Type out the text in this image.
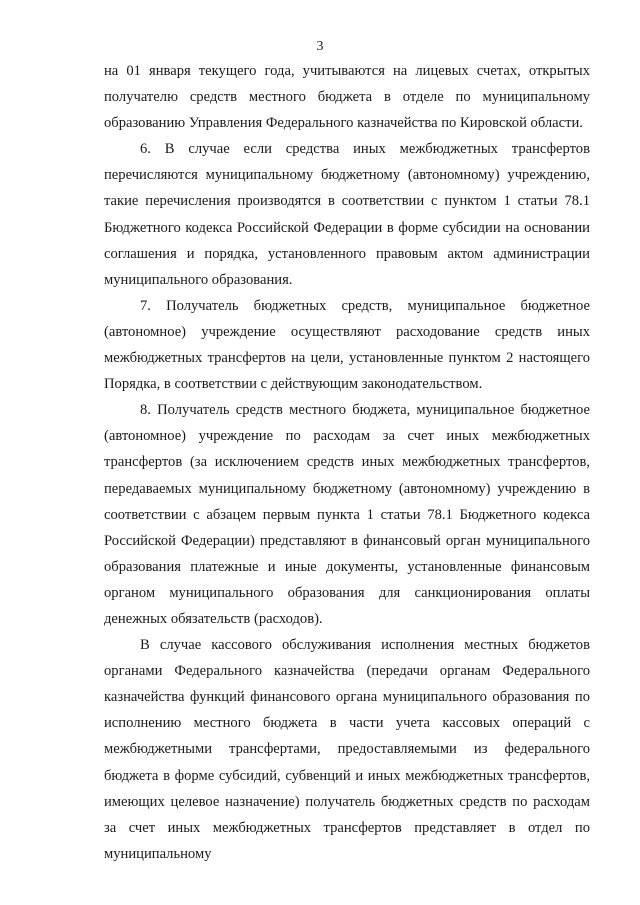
3

на 01 января текущего года, учитываются на лицевых счетах, открытых получателю средств местного бюджета в отделе по муниципальному образованию Управления Федерального казначейства по Кировской области.

6. В случае если средства иных межбюджетных трансфертов перечисляются муниципальному бюджетному (автономному) учреждению, такие перечисления производятся в соответствии с пунктом 1 статьи 78.1 Бюджетного кодекса Российской Федерации в форме субсидии на основании соглашения и порядка, установленного правовым актом администрации муниципального образования.

7. Получатель бюджетных средств, муниципальное бюджетное (автономное) учреждение осуществляют расходование средств иных межбюджетных трансфертов на цели, установленные пунктом 2 настоящего Порядка, в соответствии с действующим законодательством.

8. Получатель средств местного бюджета, муниципальное бюджетное (автономное) учреждение по расходам за счет иных межбюджетных трансфертов (за исключением средств иных межбюджетных трансфертов, передаваемых муниципальному бюджетному (автономному) учреждению в соответствии с абзацем первым пункта 1 статьи 78.1 Бюджетного кодекса Российской Федерации) представляют в финансовый орган муниципального образования платежные и иные документы, установленные финансовым органом муниципального образования для санкционирования оплаты денежных обязательств (расходов).

В случае кассового обслуживания исполнения местных бюджетов органами Федерального казначейства (передачи органам Федерального казначейства функций финансового органа муниципального образования по исполнению местного бюджета в части учета кассовых операций с межбюджетными трансфертами, предоставляемыми из федерального бюджета в форме субсидий, субвенций и иных межбюджетных трансфертов, имеющих целевое назначение) получатель бюджетных средств по расходам за счет иных межбюджетных трансфертов представляет в отдел по муниципальному
